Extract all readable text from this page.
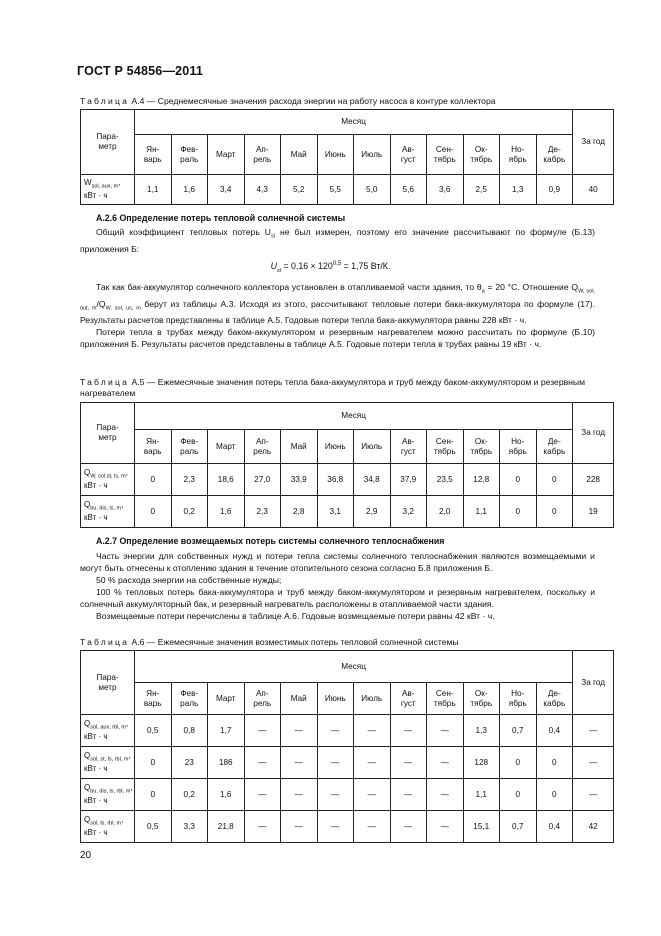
ГОСТ Р 54856—2011
Таблица А.4 — Среднемесячные значения расхода энергии на работу насоса в контуре коллектора
Пара-
метр	Месяц												За год
	Ян-
варь	Фев-
раль	Март	Ап-
рель	Май	Июнь	Июль	Ав-
густ	Сен-
тябрь	Ок-
тябрь	Но-
ябрь	Де-
кабрь	
$W_{sol, aux, m}$,
кВт · ч	1,1	1,6	3,4	4,3	5,2	5,5	5,0	5,6	3,6	2,5	1,3	0,9	40
А.2.6 Определение потерь тепловой солнечной системы

Общий коэффициент тепловых потерь $U_{sl}$ не был измерен, поэтому его значение рассчитывают по формуле (Б.13) приложения Б:

$U_{sl} = 0,16 \times 120^{0,5} = 1,75$ Вт/К.

Так как бак-аккумулятор солнечного коллектора установлен в отапливаемой части здания, то $\theta_a = 20$ °С. Отношение $Q_{W, sol, out, m}/Q_{W. sol, us, m}$ берут из таблицы А.3. Исходя из этого, рассчитывают тепловые потери бака-аккумулятора по формуле (17). Результаты расчетов представлены в таблице А.5. Годовые потери тепла бака-аккумулятора равны 228 кВт · ч.

Потери тепла в трубах между баком-аккумулятором и резервным нагревателем можно рассчитать по формуле (Б.10) приложения Б. Результаты расчетов представлены в таблице А.5. Годовые потери тепла в трубах равны 19 кВт · ч.

Таблица А.5 — Ежемесячные значения потерь тепла бака-аккумулятора и труб между баком-аккумулятором и резервным нагревателем
Пара-
метр	Месяц												За год
	Ян-
варь	Фев-
раль	Март	Ап-
рель	Май	Июнь	Июль	Ав-
густ	Сен-
тябрь	Ок-
тябрь	Но-
ябрь	Де-
кабрь	
$Q_{W, sol,st, ls, m}$,
кВт · ч	0	2,3	18,6	27,0	33,9	36,8	34,8	37,9	23,5	12,8	0	0	228
$Q_{bu, dis, ls, m}$,
кВт · ч	0	0,2	1,6	2,3	2,8	3,1	2,9	3,2	2,0	1,1	0	0	19
А.2.7 Определение возмещаемых потерь системы солнечного теплоснабжения

Часть энергии для собственных нужд и потери тепла системы солнечного теплоснабжения являются возмещаемыми и могут быть отнесены к отоплению здания в течение отопительного сезона согласно Б.8 приложения Б.

50 % расхода энергии на собственные нужды;

100 % тепловых потерь бака-аккумулятора и труб между баком-аккумулятором и резервным нагревателем, поскольку и солнечный аккумуляторный бак, и резервный нагреватель расположены в отапливаемой части здания.

Возмещаемые потери перечислены в таблице А.6. Годовые возмещаемые потери равны 42 кВт · ч.

Таблица А.6 — Ежемесячные значения возместимых потерь тепловой солнечной системы
Пара-
метр	Месяц												За год
	Ян-
варь	Фев-
раль	Март	Ап-
рель	Май	Июнь	Июль	Ав-
густ	Сен-
тябрь	Ок-
тябрь	Но-
ябрь	Де-
кабрь	
$Q_{sol, aux, rbl, m}$,
кВт · ч	0,5	0,8	1,7	—	—	—	—	—	—	1,3	0,7	0,4	—
$Q_{sol, st, ls, rbl, m}$,
кВт · ч	0	23	186	—	—	—	—	—	—	128	0	0	—
$Q_{bu, dis, ls, rbl, m}$,
кВт · ч	0	0,2	1,6	—	—	—	—	—	—	1,1	0	0	—
$Q_{sol, ls, rbl, m}$,
кВт · ч	0,5	3,3	21,8	—	—	—	—	—	—	15,1	0,7	0,4	42
20
